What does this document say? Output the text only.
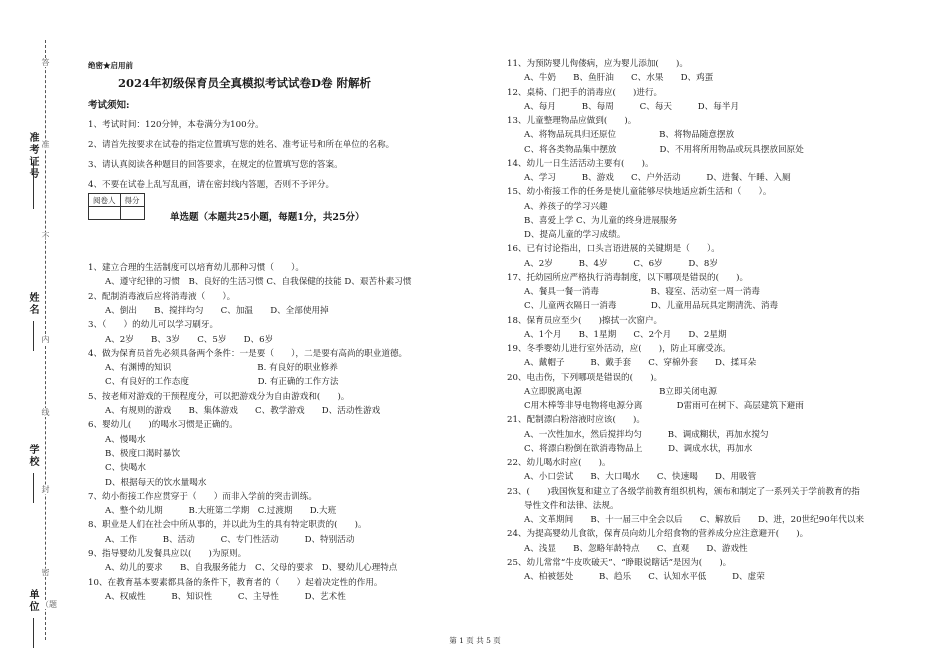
准考证号
姓名
学校
单位
答
准
不
内
线
封
密
（题
绝密★启用前
2024年初级保育员全真模拟考试试卷D卷 附解析
考试须知:
1、考试时间：120分钟，本卷满分为100分。
2、请首先按要求在试卷的指定位置填写您的姓名、准考证号和所在单位的名称。
3、请认真阅读各种题目的回答要求，在规定的位置填写您的答案。
4、不要在试卷上乱写乱画，请在密封线内答题，否则不予评分。
阅卷人	得分

单选题（本题共25小题，每题1分，共25分）
1、建立合理的生活制度可以培育幼儿那种习惯（　　）。
A、遵守纪律的习惯　B、良好的生活习惯 C、自我保健的技能 D、艰苦朴素习惯
2、配制消毒液后应将消毒液（　　）。
A、倒出　　B、搅拌均匀　　C、加温　　D、全部使用掉
3、（　　）的幼儿可以学习刷牙。
A、2岁　　B、3岁　　C、5岁　　D、6岁
4、做为保育员首先必须具备两个条件：一是要（　　），二是要有高尚的职业道德。
A、有渊博的知识　　　　　　　　　　B. 有良好的职业修养
C、有良好的工作态度　　　　　　　　D. 有正确的工作方法
5、按老师对游戏的干预程度分，可以把游戏分为自由游戏和(　　)。
A、有规则的游戏　　B、集体游戏　　C、教学游戏　　D、活动性游戏
6、婴幼儿(　　)的喝水习惯是正确的。
A、慢喝水
B、极度口渴时暴饮
C、快喝水
D、根据每天的饮水量喝水
7、幼小衔接工作应贯穿于（　　）而非入学前的突击训练。
A、整个幼儿期　　　B.大班第二学期　C.过渡期　　D.大班
8、职业是人们在社会中所从事的，并以此为生的具有特定职责的(　　)。
A、工作　　　B、活动　　　C、专门性活动　　　D、特别活动
9、指导婴幼儿发餐具应以(　　)为原则。
A、幼儿的要求　　B、自我服务能力　C、父母的要求　D、婴幼儿心理特点
10、在教育基本要素都具备的条件下，教育者的（　　）起着决定性的作用。
A、权威性　　　B、知识性　　　C、主导性　　　D、艺术性
11、为预防婴儿佝偻病，应为婴儿添加(　　)。
A、牛奶　　B、鱼肝油　　C、水果　　D、鸡蛋
12、桌椅、门把手的消毒应(　　)进行。
A、每月　　　B、每周　　　C、每天　　　D、每半月
13、儿童整理物品应做到(　　)。
A、将物品玩具归还原位　　　　　B、将物品随意摆放
C、将各类物品集中摆放　　　　　D、不用将所用物品或玩具摆放回原处
14、幼儿一日生活活动主要有(　　)。
A、学习　　　B、游戏　　C、户外活动　　　D、进餐、午睡、入厕
15、幼小衔接工作的任务是使儿童能够尽快地适应新生活和（　　）。
A、养孩子的学习兴趣
B、喜爱上学 C、为儿童的终身进展服务
D、提高儿童的学习成绩。
16、已有讨论指出，口头言语进展的关键期是（　　）。
A、2岁　　　B、4岁　　　C、6岁　　　D、8岁
17、托幼园所应严格执行消毒制度，以下哪项是错误的(　　)。
A、餐具一餐一消毒　　　　　　B、寝室、活动室一周一消毒
C、儿童两衣隔日一消毒　　　　D、儿童用品玩具定期清洗、消毒
18、保育员应至少(　　)擦拭一次窗户。
A、1个月　　B、1星期　　C、2个月　　D、2星期
19、冬季婴幼儿进行室外活动，应(　　)，防止耳廓受冻。
A、戴帽子　　　B、戴手套　　C、穿棉外套　　D、揉耳朵
20、电击伤，下列哪项是错误的(　　)。
A立即脱离电源　　　　　　　　　B立即关闭电源
C用木棒等非导电物将电源分离　　　　D雷雨可在树下、高层建筑下避雨
21、配制漂白粉溶液时应该(　　)。
A、一次性加水，然后搅拌均匀　　　B、调成糊状，再加水搅匀
C、将漂白粉倒在欲消毒物品上　　　D、调成水状，再加水
22、幼儿喝水时应(　　)。
A、小口尝试　　B、大口喝水　　C、快速喝　　D、用吸管
23、(　　)我国恢复和建立了各级学前教育组织机构，颁布和制定了一系列关于学前教育的指
导性文件和法律、法规。
A、文革期间　　B、十一届三中全会以后　　C、解放后　　D、进，20世纪90年代以来
24、为提高婴幼儿食欲，保育员向幼儿介绍食物的营养成分应注意避开(　　)。
A、浅显　　B、忽略年龄特点　　C、直观　　D、游戏性
25、幼儿常常“牛皮吹破天”、“睁眼说瞎话”是因为(　　)。
A、柏被惩处　　　B、趋乐　　C、认知水平低　　　D、虚荣
第 1 页 共 5 页
